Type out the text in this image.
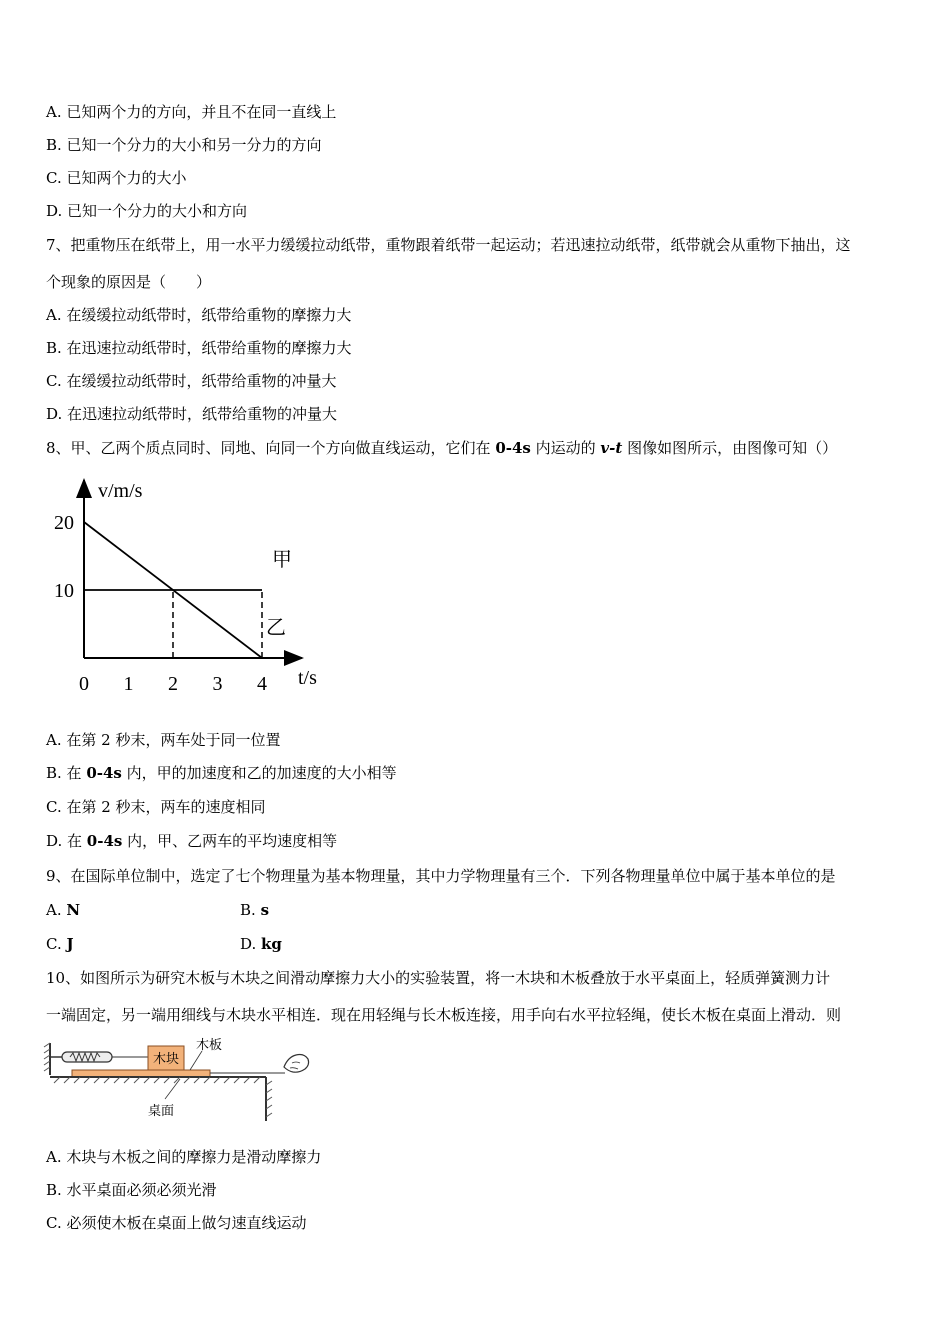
A. 已知两个力的方向，并且不在同一直线上
B. 已知一个分力的大小和另一分力的方向
C. 已知两个力的大小
D. 已知一个分力的大小和方向
7、把重物压在纸带上，用一水平力缓缓拉动纸带，重物跟着纸带一起运动；若迅速拉动纸带，纸带就会从重物下抽出，这
个现象的原因是（　　）
A. 在缓缓拉动纸带时，纸带给重物的摩擦力大
B. 在迅速拉动纸带时，纸带给重物的摩擦力大
C. 在缓缓拉动纸带时，纸带给重物的冲量大
D. 在迅速拉动纸带时，纸带给重物的冲量大
8、甲、乙两个质点同时、同地、向同一个方向做直线运动，它们在 0-4s 内运动的 v-t 图像如图所示，由图像可知（）
v/m/s
t/s
0 1 2 3 4
20
10
甲
乙
A. 在第 2 秒末，两车处于同一位置
B. 在 0-4s 内，甲的加速度和乙的加速度的大小相等
C. 在第 2 秒末，两车的速度相同
D. 在 0-4s 内，甲、乙两车的平均速度相等
9、在国际单位制中，选定了七个物理量为基本物理量，其中力学物理量有三个．下列各物理量单位中属于基本单位的是
A. N	B. s
C. J	D. kg
10、如图所示为研究木板与木块之间滑动摩擦力大小的实验装置，将一木块和木板叠放于水平桌面上，轻质弹簧测力计
一端固定，另一端用细线与木块水平相连．现在用轻绳与长木板连接，用手向右水平拉轻绳，使长木板在桌面上滑动．则
木块
木板
桌面
A. 木块与木板之间的摩擦力是滑动摩擦力
B. 水平桌面必须必须光滑
C. 必须使木板在桌面上做匀速直线运动
